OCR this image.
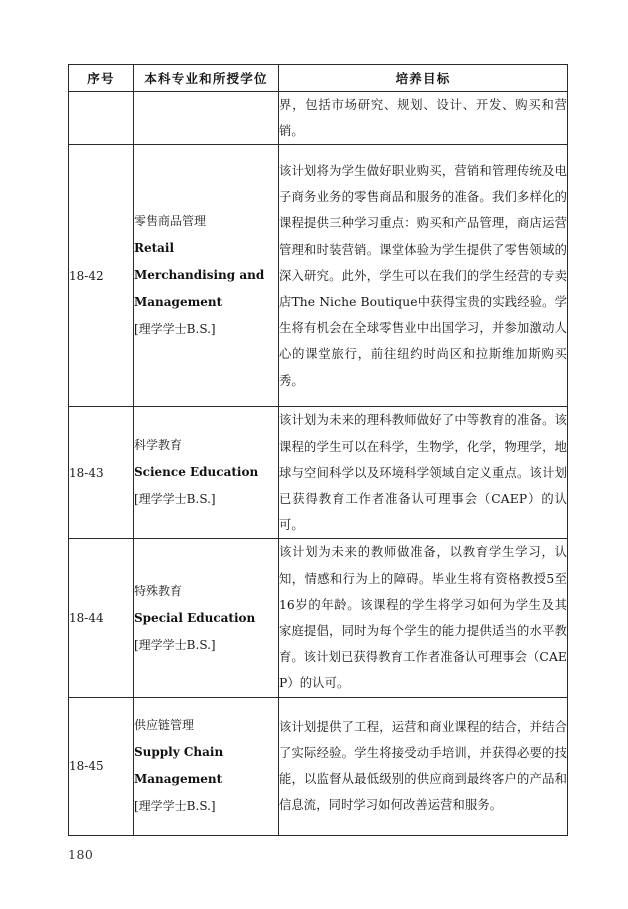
序号	本科专业和所授学位	培养目标

		界，包括市场研究、规划、设计、开发、购买和营销。

18-42	零售商品管理
Retail Merchandising and Management
[理学学士B.S.]	该计划将为学生做好职业购买，营销和管理传统及电子商务业务的零售商品和服务的准备。我们多样化的课程提供三种学习重点：购买和产品管理，商店运营管理和时装营销。课堂体验为学生提供了零售领域的深入研究。此外，学生可以在我们的学生经营的专卖店The Niche Boutique中获得宝贵的实践经验。学生将有机会在全球零售业中出国学习，并参加激动人心的课堂旅行，前往纽约时尚区和拉斯维加斯购买秀。

18-43	科学教育
Science Education
[理学学士B.S.]	该计划为未来的理科教师做好了中等教育的准备。该课程的学生可以在科学，生物学，化学，物理学，地球与空间科学以及环境科学领域自定义重点。该计划已获得教育工作者准备认可理事会（CAEP）的认可。

18-44	特殊教育
Special Education
[理学学士B.S.]	该计划为未来的教师做准备，以教育学生学习，认知，情感和行为上的障碍。毕业生将有资格教授5至16岁的年龄。该课程的学生将学习如何为学生及其家庭提倡，同时为每个学生的能力提供适当的水平教育。该计划已获得教育工作者准备认可理事会（CAEP）的认可。

18-45	供应链管理
Supply Chain Management
[理学学士B.S.]	该计划提供了工程，运营和商业课程的结合，并结合了实际经验。学生将接受动手培训，并获得必要的技能，以监督从最低级别的供应商到最终客户的产品和信息流，同时学习如何改善运营和服务。
180
